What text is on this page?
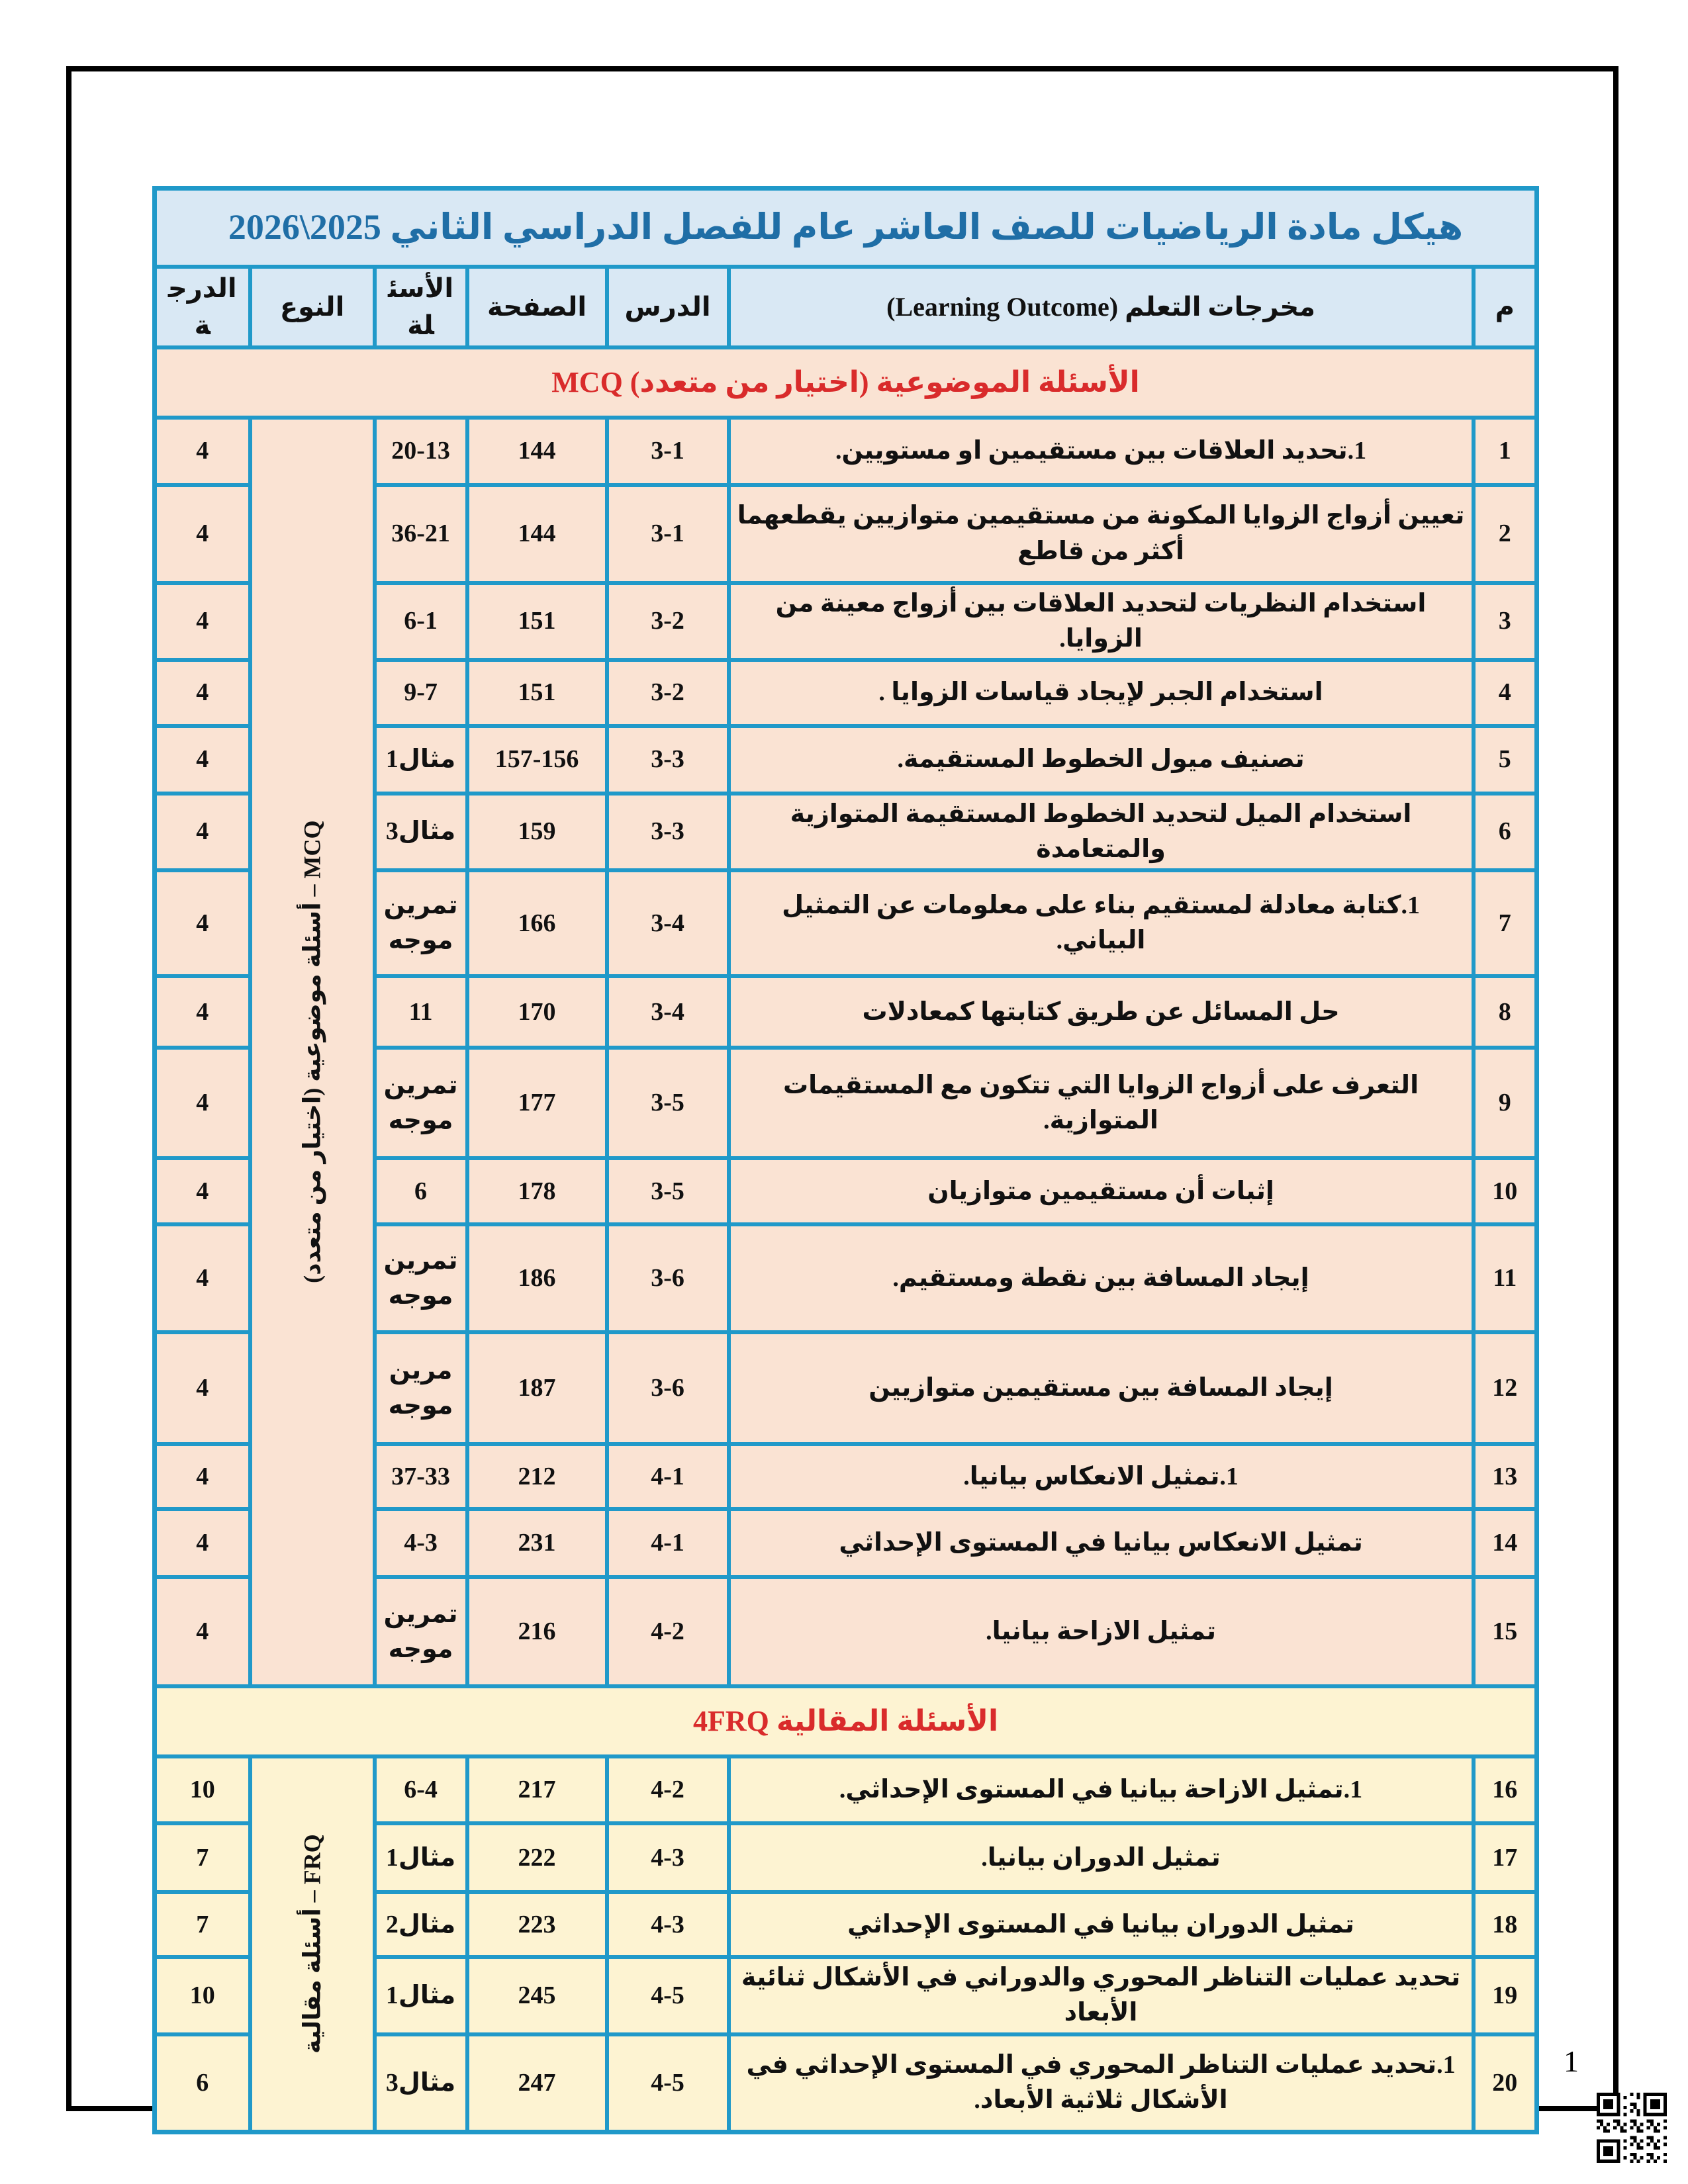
هيكل مادة الرياضيات للصف العاشر عام للفصل الدراسي الثاني 2025\2026						
م	مخرجات التعلم (Learning Outcome)	الدرس	الصفحة	الأسئلة	النوع	الدرجة
الأسئلة الموضوعية (اختيار من متعدد) MCQ						
1	1.تحديد العلاقات بين مستقيمين او مستويين.	3-1	144	20-13	MCQ – أسئلة موضوعية (اختيار من متعدد)	4
2	تعيين أزواج الزوايا المكونة من مستقيمين متوازيين يقطعهما أكثر من قاطع	3-1	144	36-21		4
3	استخدام النظريات لتحديد العلاقات بين أزواج معينة من الزوايا.	3-2	151	6-1		4
4	استخدام الجبر لإيجاد قياسات الزوايا .	3-2	151	9-7		4
5	تصنيف ميول الخطوط المستقيمة.	3-3	157-156	مثال1		4
6	استخدام الميل لتحديد الخطوط المستقيمة المتوازية والمتعامدة	3-3	159	مثال3		4
7	1.كتابة معادلة لمستقيم بناء على معلومات عن التمثيل البياني.	3-4	166	تمرين موجه		4
8	حل المسائل عن طريق كتابتها كمعادلات	3-4	170	11		4
9	التعرف على أزواج الزوايا التي تتكون مع المستقيمات المتوازية.	3-5	177	تمرين موجه		4
10	إثبات أن مستقيمين متوازيان	3-5	178	6		4
11	إيجاد المسافة بين نقطة ومستقيم.	3-6	186	تمرين موجه		4
12	إيجاد المسافة بين مستقيمين متوازيين	3-6	187	مرين موجه		4
13	1.تمثيل الانعكاس بيانيا.	4-1	212	37-33		4
14	تمثيل الانعكاس بيانيا في المستوى الإحداثي	4-1	231	4-3		4
15	تمثيل الازاحة بيانيا.	4-2	216	تمرين موجه		4
الأسئلة المقالية 4FRQ						
16	1.تمثيل الازاحة بيانيا في المستوى الإحداثي.	4-2	217	6-4	FRQ – أسئلة مقالية	10
17	تمثيل الدوران بيانيا.	4-3	222	مثال1		7
18	تمثيل الدوران بيانيا في المستوى الإحداثي	4-3	223	مثال2		7
19	تحديد عمليات التناظر المحوري والدوراني في الأشكال ثنائية الأبعاد	4-5	245	مثال1		10
20	1.تحديد عمليات التناظر المحوري في المستوى الإحداثي في الأشكال ثلاثية الأبعاد.	4-5	247	مثال3		6
1
